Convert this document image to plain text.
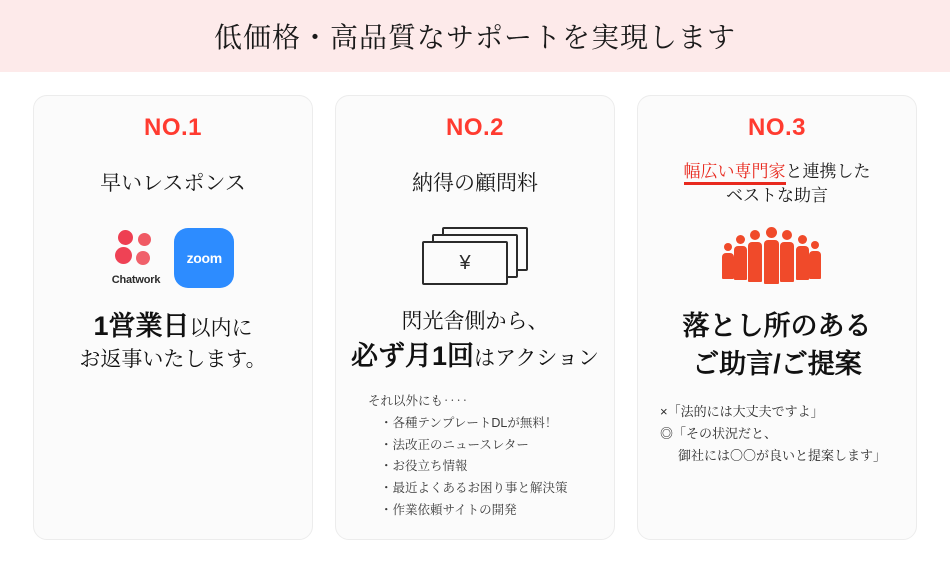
低価格・高品質なサポートを実現します
NO.1
早いレスポンス
Chatwork
zoom
1営業日以内に
お返事いたします。
NO.2
納得の顧問料
¥
閃光舎側から、
必ず月1回はアクション
それ以外にも‥‥
・各種テンプレートDLが無料！
・法改正のニュースレター
・お役立ち情報
・最近よくあるお困り事と解決策
・作業依頼サイトの開発
NO.3
幅広い専門家と連携した
ベストな助言
落とし所のある
ご助言/ご提案
×「法的には大丈夫ですよ」
◎「その状況だと、
御社には〇〇が良いと提案します」
